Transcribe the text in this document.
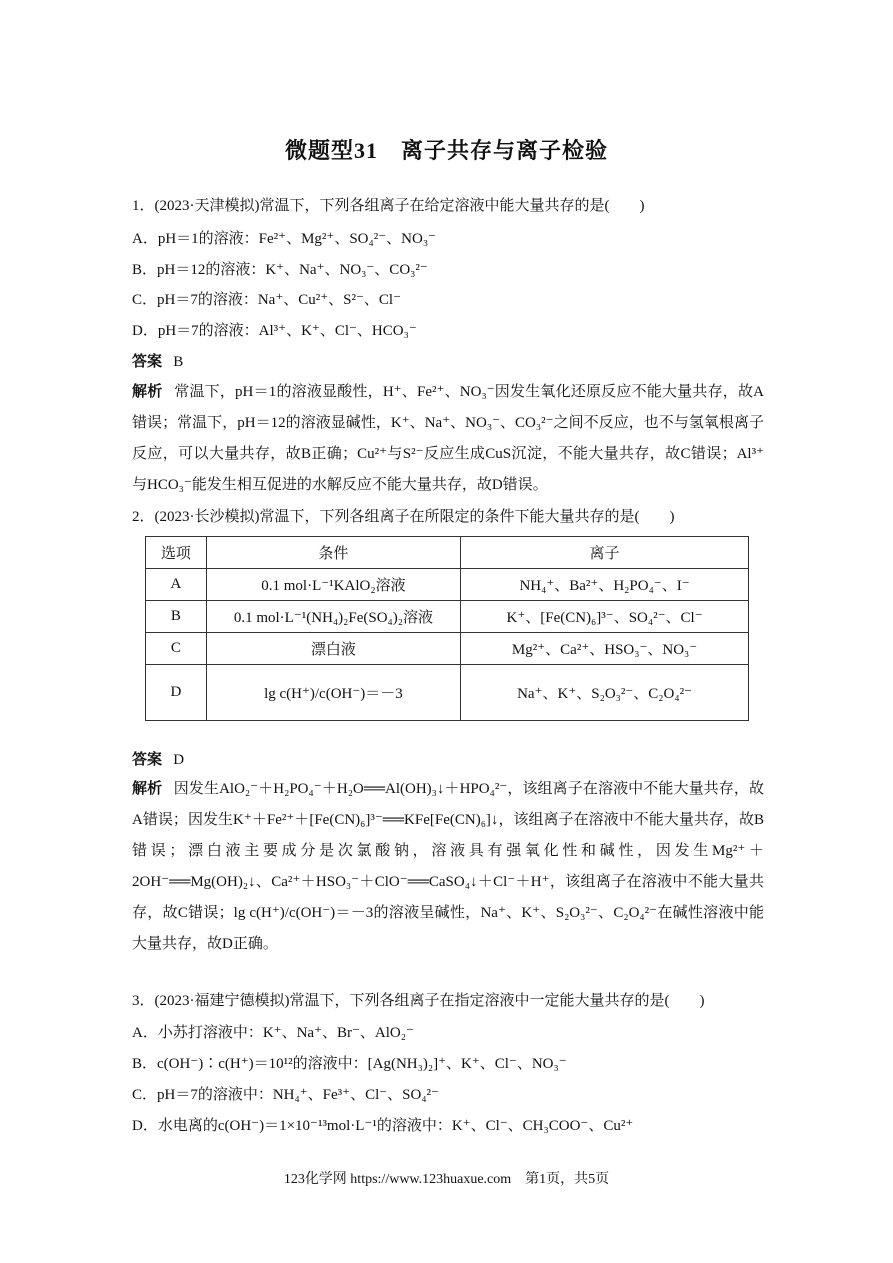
微题型31　离子共存与离子检验
1．(2023·天津模拟)常温下，下列各组离子在给定溶液中能大量共存的是(　　)
A．pH＝1的溶液：Fe²⁺、Mg²⁺、SO₄²⁻、NO₃⁻
B．pH＝12的溶液：K⁺、Na⁺、NO₃⁻、CO₃²⁻
C．pH＝7的溶液：Na⁺、Cu²⁺、S²⁻、Cl⁻
D．pH＝7的溶液：Al³⁺、K⁺、Cl⁻、HCO₃⁻
答案 B
解析 常温下，pH＝1的溶液显酸性，H⁺、Fe²⁺、NO₃⁻因发生氧化还原反应不能大量共存，故A错误；常温下，pH＝12的溶液显碱性，K⁺、Na⁺、NO₃⁻、CO₃²⁻之间不反应，也不与氢氧根离子反应，可以大量共存，故B正确；Cu²⁺与S²⁻反应生成CuS沉淀，不能大量共存，故C错误；Al³⁺与HCO₃⁻能发生相互促进的水解反应不能大量共存，故D错误。
2．(2023·长沙模拟)常温下，下列各组离子在所限定的条件下能大量共存的是(　　)
选项	条件	离子
A	0.1 mol·L⁻¹KAlO₂溶液	NH₄⁺、Ba²⁺、H₂PO₄⁻、I⁻
B	0.1 mol·L⁻¹(NH₄)₂Fe(SO₄)₂溶液	K⁺、[Fe(CN)₆]³⁻、SO₄²⁻、Cl⁻
C	漂白液	Mg²⁺、Ca²⁺、HSO₃⁻、NO₃⁻
D	lg c(H⁺)/c(OH⁻)＝－3	Na⁺、K⁺、S₂O₃²⁻、C₂O₄²⁻
答案 D
解析 因发生AlO₂⁻＋H₂PO₄⁻＋H₂O══Al(OH)₃↓＋HPO₄²⁻，该组离子在溶液中不能大量共存，故A错误；因发生K⁺＋Fe²⁺＋[Fe(CN)₆]³⁻══KFe[Fe(CN)₆]↓，该组离子在溶液中不能大量共存，故B错误；漂白液主要成分是次氯酸钠，溶液具有强氧化性和碱性，因发生Mg²⁺＋2OH⁻══Mg(OH)₂↓、Ca²⁺＋HSO₃⁻＋ClO⁻══CaSO₄↓＋Cl⁻＋H⁺，该组离子在溶液中不能大量共存，故C错误；lg c(H⁺)/c(OH⁻)＝－3的溶液呈碱性，Na⁺、K⁺、S₂O₃²⁻、C₂O₄²⁻在碱性溶液中能大量共存，故D正确。
3．(2023·福建宁德模拟)常温下，下列各组离子在指定溶液中一定能大量共存的是(　　)
A．小苏打溶液中：K⁺、Na⁺、Br⁻、AlO₂⁻
B．c(OH⁻)∶c(H⁺)＝10¹²的溶液中：[Ag(NH₃)₂]⁺、K⁺、Cl⁻、NO₃⁻
C．pH＝7的溶液中：NH₄⁺、Fe³⁺、Cl⁻、SO₄²⁻
D．水电离的c(OH⁻)＝1×10⁻¹³mol·L⁻¹的溶液中：K⁺、Cl⁻、CH₃COO⁻、Cu²⁺
123化学网 https://www.123huaxue.com　第1页，共5页
